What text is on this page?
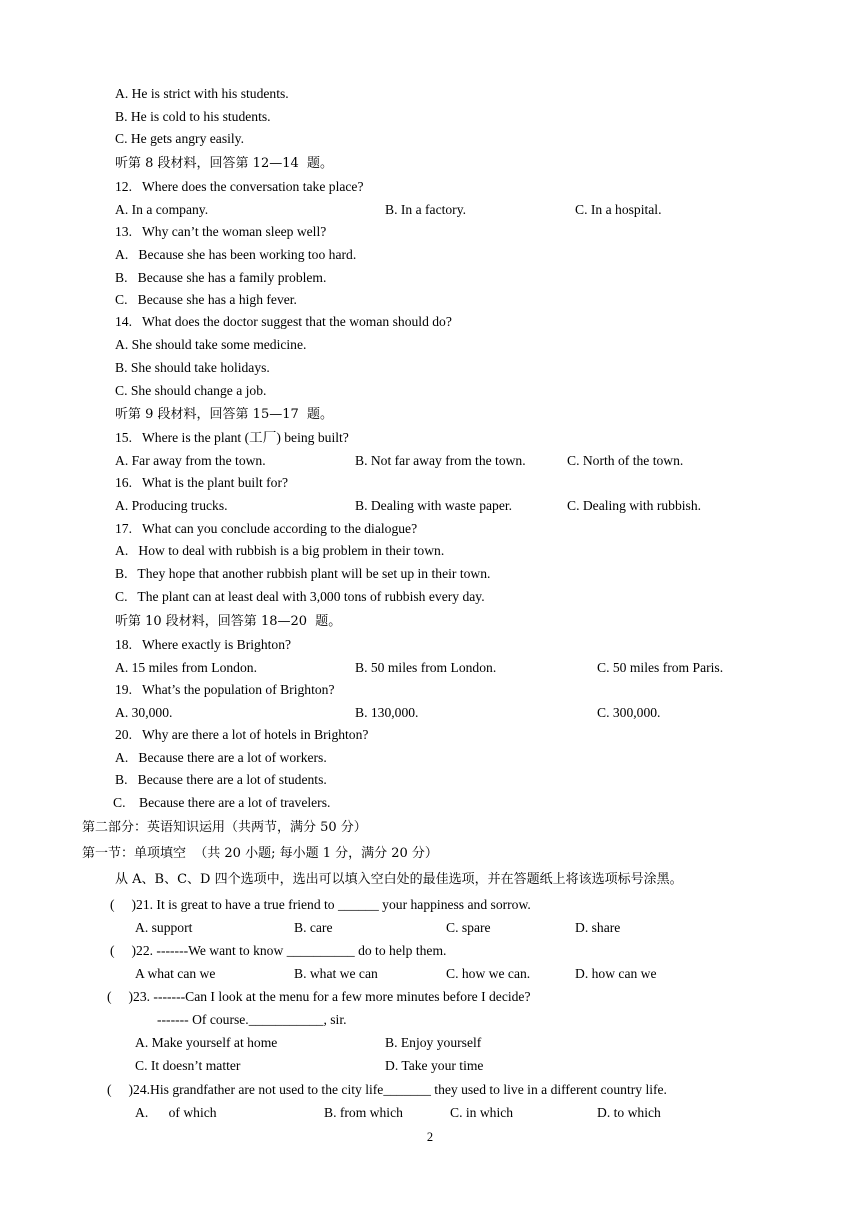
A. He is strict with his students.
B. He is cold to his students.
C. He gets angry easily.
听第 8 段材料，回答第 12—14  题。
12.   Where does the conversation take place?
A. In a company.	B. In a factory.	C. In a hospital.
13.   Why can’t the woman sleep well?
A.   Because she has been working too hard.
B.   Because she has a family problem.
C.   Because she has a high fever.
14.   What does the doctor suggest that the woman should do?
A. She should take some medicine.
B. She should take holidays.
C. She should change a job.
听第 9 段材料，回答第 15—17  题。
15.   Where is the plant (工厂) being built?
A. Far away from the town.	B. Not far away from the town.	C. North of the town.
16.   What is the plant built for?
A. Producing trucks.	B. Dealing with waste paper.	C. Dealing with rubbish.
17.   What can you conclude according to the dialogue?
A.   How to deal with rubbish is a big problem in their town.
B.   They hope that another rubbish plant will be set up in their town.
C.   The plant can at least deal with 3,000 tons of rubbish every day.
听第 10 段材料，回答第 18—20  题。
18.   Where exactly is Brighton?
A. 15 miles from London.	B. 50 miles from London.	C. 50 miles from Paris.
19.   What’s the population of Brighton?
A. 30,000.	B. 130,000.	C. 300,000.
20.   Why are there a lot of hotels in Brighton?
A.   Because there are a lot of workers.
B.   Because there are a lot of students.
C.    Because there are a lot of travelers.
第二部分：英语知识运用（共两节，满分 50 分）
第一节：单项填空  （共 20 小题; 每小题 1 分，满分 20 分）
从 A、B、C、D 四个选项中，选出可以填入空白处的最佳选项，并在答题纸上将该选项标号涂黑。
(     )21. It is great to have a true friend to ______ your happiness and sorrow.
A. support	B. care	C. spare	D. share
(     )22. -------We want to know __________ do to help them.
A what can we	B. what we can	C. how we can.	D. how can we
(     )23. -------Can I look at the menu for a few more minutes before I decide?
------- Of course.___________, sir.
A. Make yourself at home	B. Enjoy yourself
C. It doesn’t matter	D. Take your time
(     )24.His grandfather are not used to the city life_______ they used to live in a different country life.
A.      of which	B. from which	C. in which	D. to which
2
